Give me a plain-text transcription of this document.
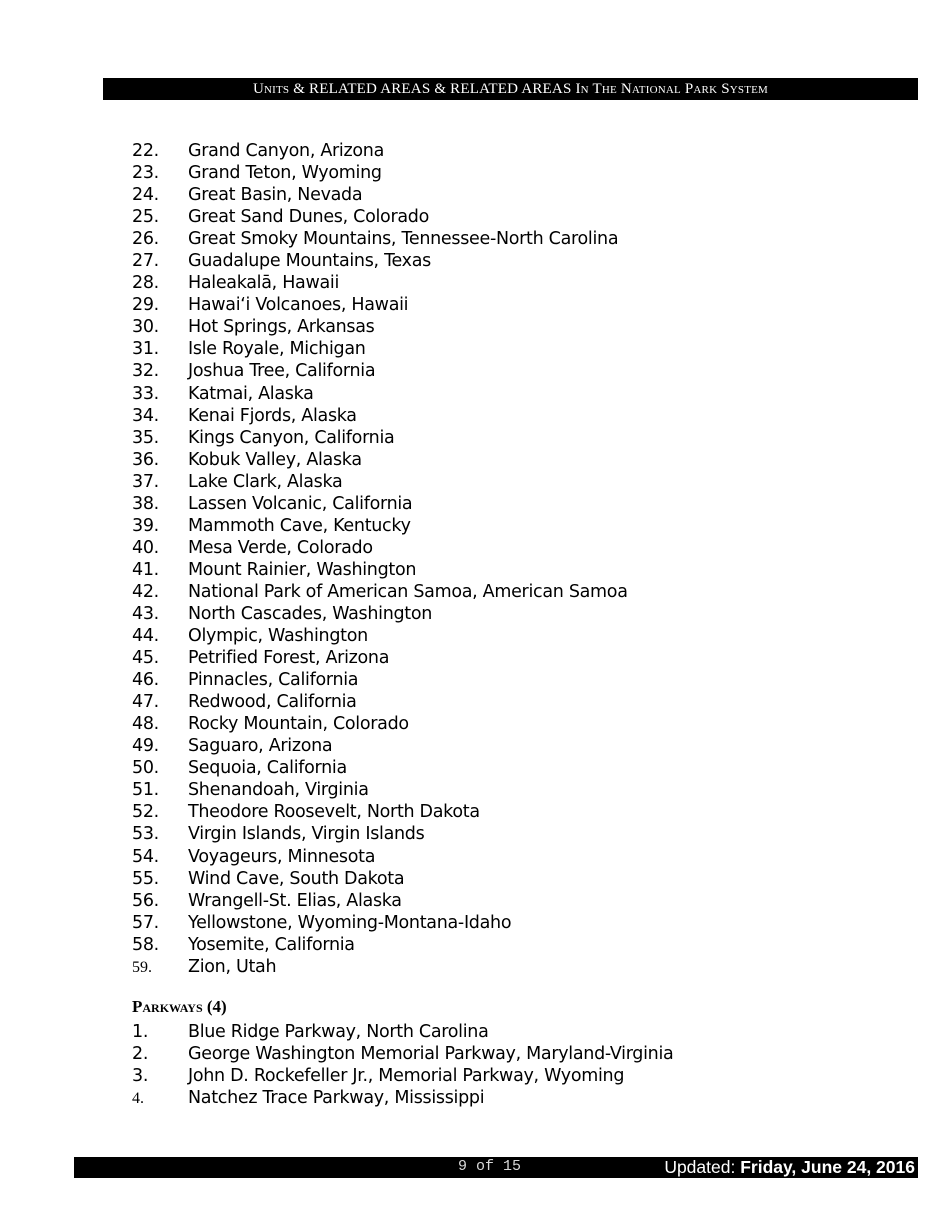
Units & RELATED AREAS & RELATED AREAS In The National Park System
22. Grand Canyon, Arizona
23. Grand Teton, Wyoming
24. Great Basin, Nevada
25. Great Sand Dunes, Colorado
26. Great Smoky Mountains, Tennessee-North Carolina
27. Guadalupe Mountains, Texas
28. Haleakalā, Hawaii
29. Hawai‘i Volcanoes, Hawaii
30. Hot Springs, Arkansas
31. Isle Royale, Michigan
32. Joshua Tree, California
33. Katmai, Alaska
34. Kenai Fjords, Alaska
35. Kings Canyon, California
36. Kobuk Valley, Alaska
37. Lake Clark, Alaska
38. Lassen Volcanic, California
39. Mammoth Cave, Kentucky
40. Mesa Verde, Colorado
41. Mount Rainier, Washington
42. National Park of American Samoa, American Samoa
43. North Cascades, Washington
44. Olympic, Washington
45. Petrified Forest, Arizona
46. Pinnacles, California
47. Redwood, California
48. Rocky Mountain, Colorado
49. Saguaro, Arizona
50. Sequoia, California
51. Shenandoah, Virginia
52. Theodore Roosevelt, North Dakota
53. Virgin Islands, Virgin Islands
54. Voyageurs, Minnesota
55. Wind Cave, South Dakota
56. Wrangell-St. Elias, Alaska
57. Yellowstone, Wyoming-Montana-Idaho
58. Yosemite, California
59. Zion, Utah
Parkways (4)
1. Blue Ridge Parkway, North Carolina
2. George Washington Memorial Parkway, Maryland-Virginia
3. John D. Rockefeller Jr., Memorial Parkway, Wyoming
4.	Natchez Trace Parkway, Mississippi
9 of 15	Updated: Friday, June 24, 2016
